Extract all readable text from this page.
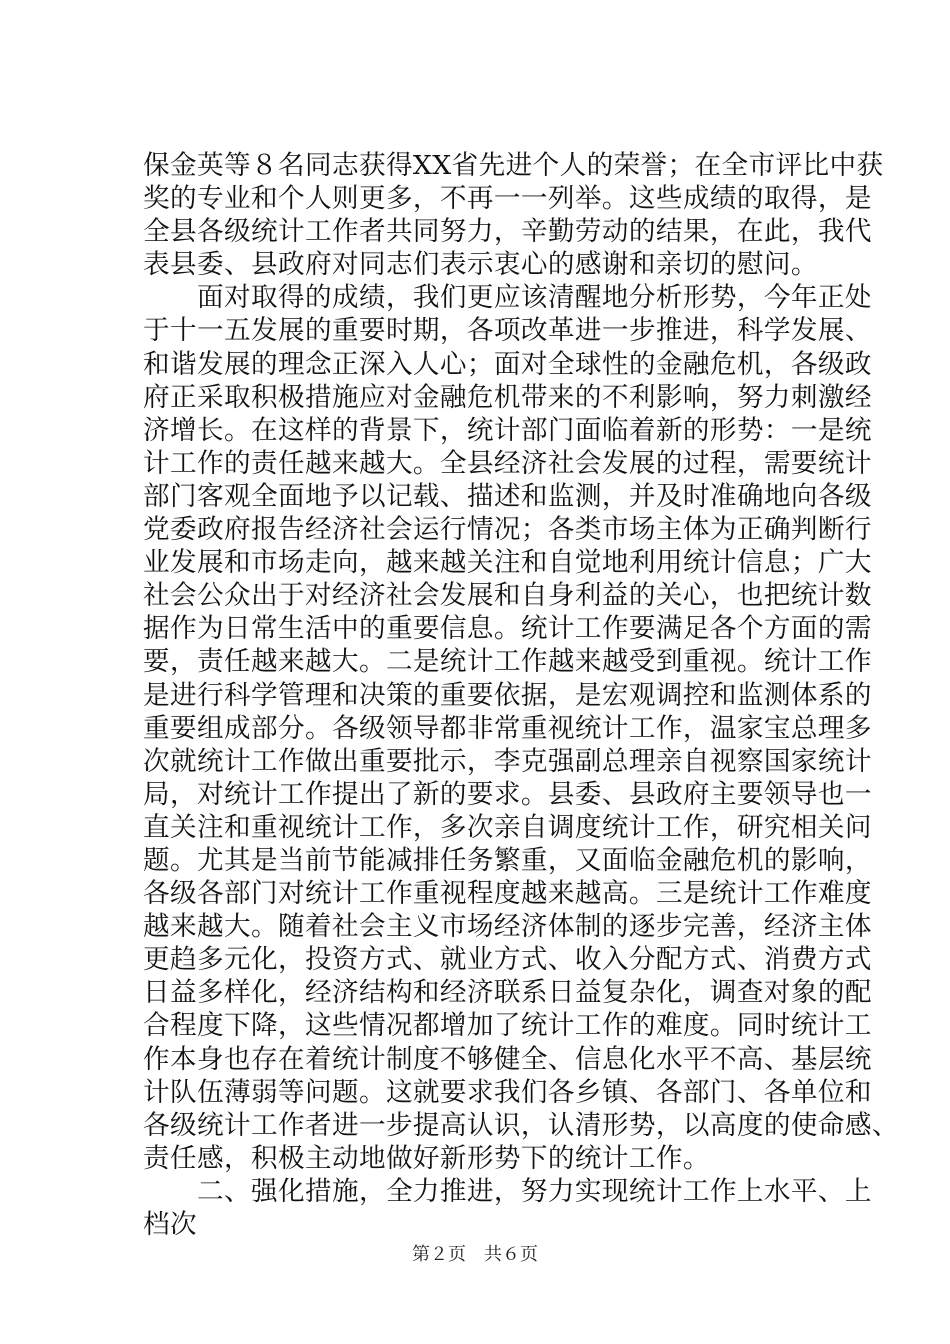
保金英等８名同志获得XX省先进个人的荣誉；在全市评比中获
奖的专业和个人则更多，不再一一列举。这些成绩的取得，是
全县各级统计工作者共同努力，辛勤劳动的结果，在此，我代
表县委、县政府对同志们表示衷心的感谢和亲切的慰问。
　　面对取得的成绩，我们更应该清醒地分析形势，今年正处
于十一五发展的重要时期，各项改革进一步推进，科学发展、
和谐发展的理念正深入人心；面对全球性的金融危机，各级政
府正采取积极措施应对金融危机带来的不利影响，努力刺激经
济增长。在这样的背景下，统计部门面临着新的形势：一是统
计工作的责任越来越大。全县经济社会发展的过程，需要统计
部门客观全面地予以记载、描述和监测，并及时准确地向各级
党委政府报告经济社会运行情况；各类市场主体为正确判断行
业发展和市场走向，越来越关注和自觉地利用统计信息；广大
社会公众出于对经济社会发展和自身利益的关心，也把统计数
据作为日常生活中的重要信息。统计工作要满足各个方面的需
要，责任越来越大。二是统计工作越来越受到重视。统计工作
是进行科学管理和决策的重要依据，是宏观调控和监测体系的
重要组成部分。各级领导都非常重视统计工作，温家宝总理多
次就统计工作做出重要批示，李克强副总理亲自视察国家统计
局，对统计工作提出了新的要求。县委、县政府主要领导也一
直关注和重视统计工作，多次亲自调度统计工作，研究相关问
题。尤其是当前节能减排任务繁重，又面临金融危机的影响，
各级各部门对统计工作重视程度越来越高。三是统计工作难度
越来越大。随着社会主义市场经济体制的逐步完善，经济主体
更趋多元化，投资方式、就业方式、收入分配方式、消费方式
日益多样化，经济结构和经济联系日益复杂化，调查对象的配
合程度下降，这些情况都增加了统计工作的难度。同时统计工
作本身也存在着统计制度不够健全、信息化水平不高、基层统
计队伍薄弱等问题。这就要求我们各乡镇、各部门、各单位和
各级统计工作者进一步提高认识，认清形势，以高度的使命感、
责任感，积极主动地做好新形势下的统计工作。
　　二、强化措施，全力推进，努力实现统计工作上水平、上
档次
第２页　共６页
